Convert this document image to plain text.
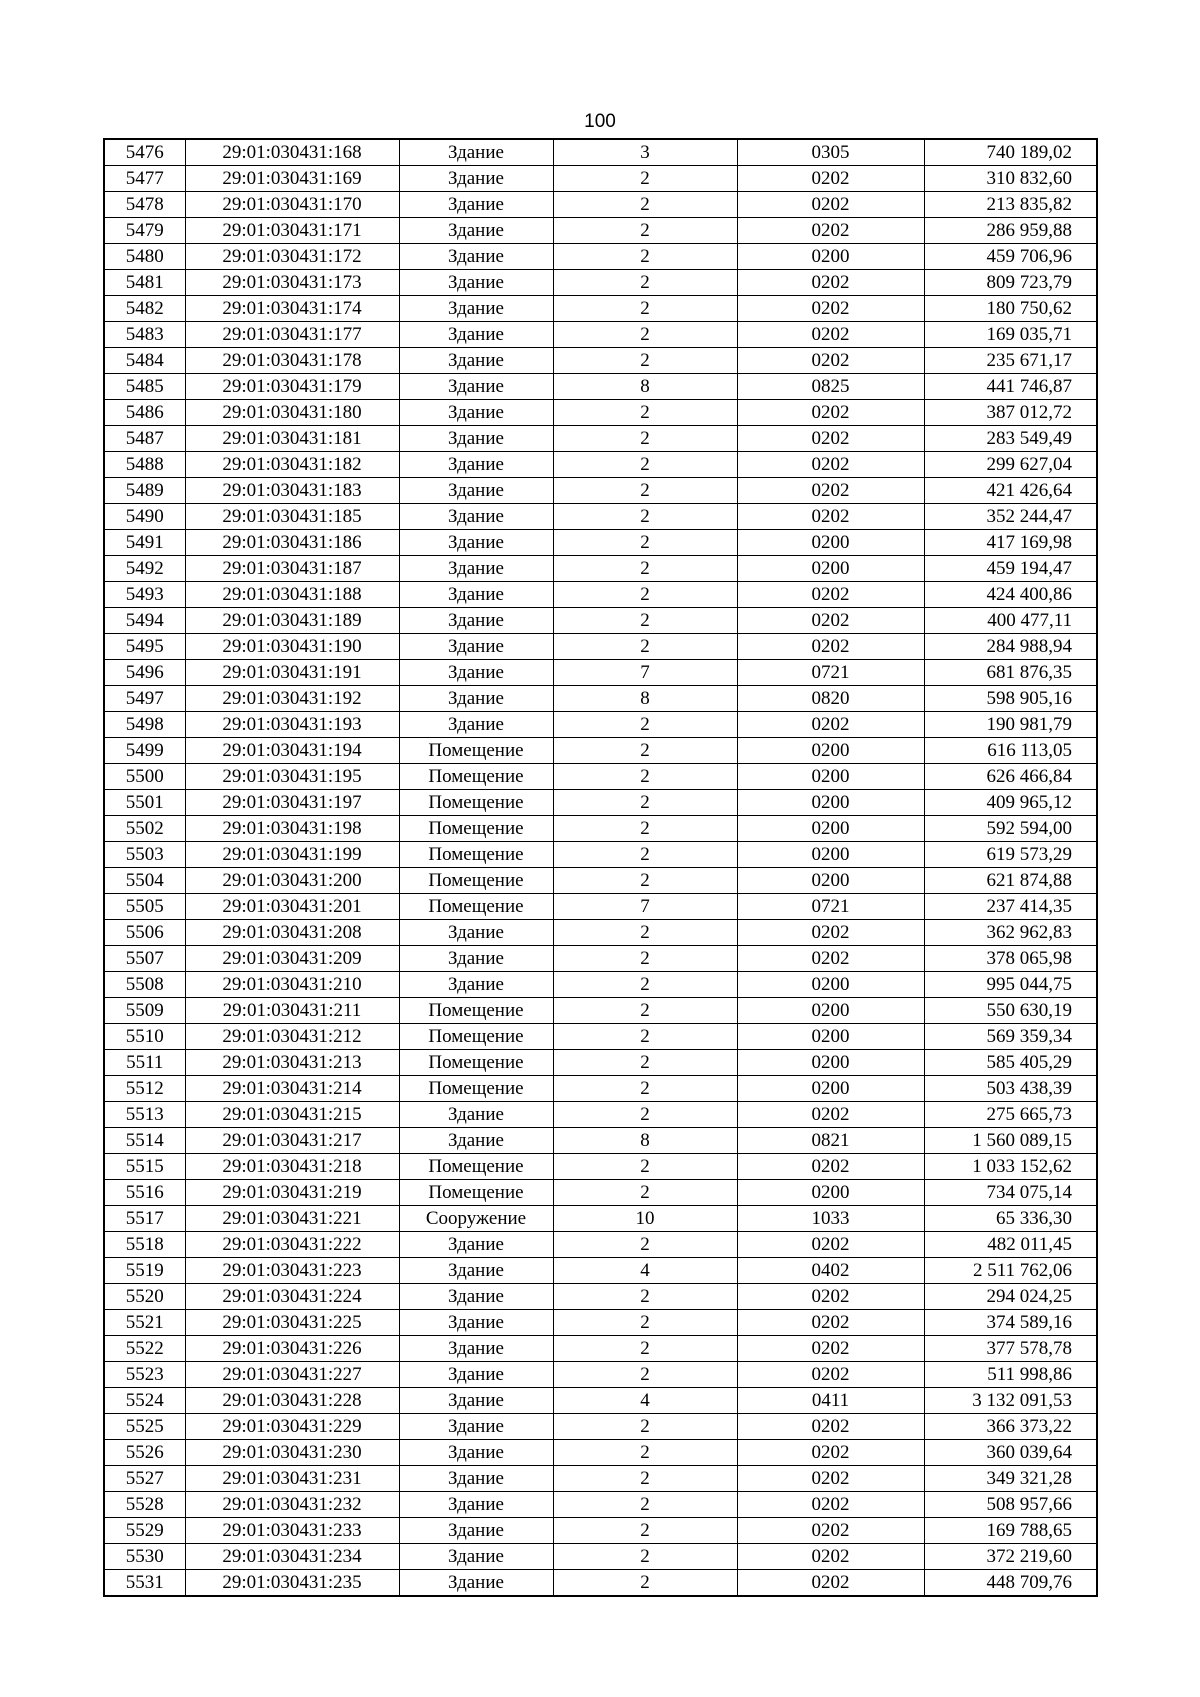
100
5476	29:01:030431:168	Здание	3	0305	740 189,02
5477	29:01:030431:169	Здание	2	0202	310 832,60
5478	29:01:030431:170	Здание	2	0202	213 835,82
5479	29:01:030431:171	Здание	2	0202	286 959,88
5480	29:01:030431:172	Здание	2	0200	459 706,96
5481	29:01:030431:173	Здание	2	0202	809 723,79
5482	29:01:030431:174	Здание	2	0202	180 750,62
5483	29:01:030431:177	Здание	2	0202	169 035,71
5484	29:01:030431:178	Здание	2	0202	235 671,17
5485	29:01:030431:179	Здание	8	0825	441 746,87
5486	29:01:030431:180	Здание	2	0202	387 012,72
5487	29:01:030431:181	Здание	2	0202	283 549,49
5488	29:01:030431:182	Здание	2	0202	299 627,04
5489	29:01:030431:183	Здание	2	0202	421 426,64
5490	29:01:030431:185	Здание	2	0202	352 244,47
5491	29:01:030431:186	Здание	2	0200	417 169,98
5492	29:01:030431:187	Здание	2	0200	459 194,47
5493	29:01:030431:188	Здание	2	0202	424 400,86
5494	29:01:030431:189	Здание	2	0202	400 477,11
5495	29:01:030431:190	Здание	2	0202	284 988,94
5496	29:01:030431:191	Здание	7	0721	681 876,35
5497	29:01:030431:192	Здание	8	0820	598 905,16
5498	29:01:030431:193	Здание	2	0202	190 981,79
5499	29:01:030431:194	Помещение	2	0200	616 113,05
5500	29:01:030431:195	Помещение	2	0200	626 466,84
5501	29:01:030431:197	Помещение	2	0200	409 965,12
5502	29:01:030431:198	Помещение	2	0200	592 594,00
5503	29:01:030431:199	Помещение	2	0200	619 573,29
5504	29:01:030431:200	Помещение	2	0200	621 874,88
5505	29:01:030431:201	Помещение	7	0721	237 414,35
5506	29:01:030431:208	Здание	2	0202	362 962,83
5507	29:01:030431:209	Здание	2	0202	378 065,98
5508	29:01:030431:210	Здание	2	0200	995 044,75
5509	29:01:030431:211	Помещение	2	0200	550 630,19
5510	29:01:030431:212	Помещение	2	0200	569 359,34
5511	29:01:030431:213	Помещение	2	0200	585 405,29
5512	29:01:030431:214	Помещение	2	0200	503 438,39
5513	29:01:030431:215	Здание	2	0202	275 665,73
5514	29:01:030431:217	Здание	8	0821	1 560 089,15
5515	29:01:030431:218	Помещение	2	0202	1 033 152,62
5516	29:01:030431:219	Помещение	2	0200	734 075,14
5517	29:01:030431:221	Сооружение	10	1033	65 336,30
5518	29:01:030431:222	Здание	2	0202	482 011,45
5519	29:01:030431:223	Здание	4	0402	2 511 762,06
5520	29:01:030431:224	Здание	2	0202	294 024,25
5521	29:01:030431:225	Здание	2	0202	374 589,16
5522	29:01:030431:226	Здание	2	0202	377 578,78
5523	29:01:030431:227	Здание	2	0202	511 998,86
5524	29:01:030431:228	Здание	4	0411	3 132 091,53
5525	29:01:030431:229	Здание	2	0202	366 373,22
5526	29:01:030431:230	Здание	2	0202	360 039,64
5527	29:01:030431:231	Здание	2	0202	349 321,28
5528	29:01:030431:232	Здание	2	0202	508 957,66
5529	29:01:030431:233	Здание	2	0202	169 788,65
5530	29:01:030431:234	Здание	2	0202	372 219,60
5531	29:01:030431:235	Здание	2	0202	448 709,76
